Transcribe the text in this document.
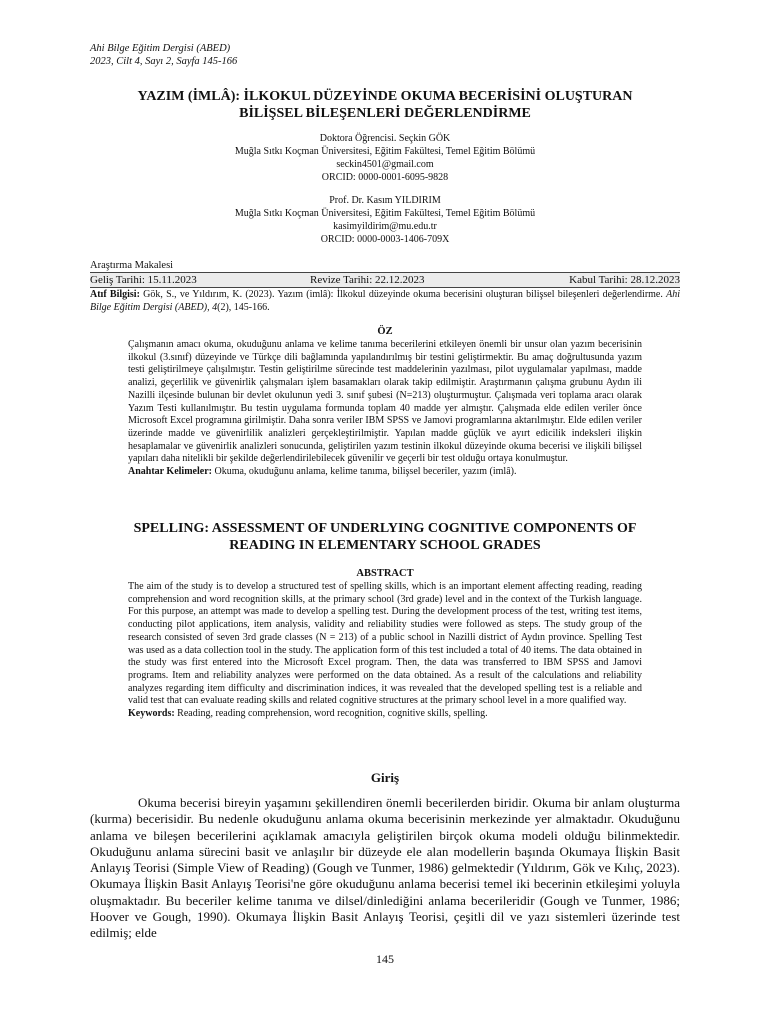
Ahi Bilge Eğitim Dergisi (ABED)
2023, Cilt 4, Sayı 2, Sayfa 145-166
YAZIM (İMLÂ): İLKOKUL DÜZEYİNDE OKUMA BECERİSİNİ OLUŞTURAN
BİLİŞSEL BİLEŞENLERİ DEĞERLENDİRME
Doktora Öğrencisi. Seçkin GÖK
Muğla Sıtkı Koçman Üniversitesi, Eğitim Fakültesi, Temel Eğitim Bölümü
seckin4501@gmail.com
ORCID: 0000-0001-6095-9828
Prof. Dr. Kasım YILDIRIM
Muğla Sıtkı Koçman Üniversitesi, Eğitim Fakültesi, Temel Eğitim Bölümü
kasimyildirim@mu.edu.tr
ORCID: 0000-0003-1406-709X
Araştırma Makalesi
Geliş Tarihi: 15.11.2023	Revize Tarihi: 22.12.2023	Kabul Tarihi: 28.12.2023
Atıf Bilgisi: Gök, S., ve Yıldırım, K. (2023). Yazım (imlâ): İlkokul düzeyinde okuma becerisini oluşturan bilişsel bileşenleri değerlendirme. Ahi Bilge Eğitim Dergisi (ABED), 4(2), 145-166.
ÖZ

Çalışmanın amacı okuma, okuduğunu anlama ve kelime tanıma becerilerini etkileyen önemli bir unsur olan yazım becerisinin ilkokul (3.sınıf) düzeyinde ve Türkçe dili bağlamında yapılandırılmış bir testini geliştirmektir. Bu amaç doğrultusunda yazım testi geliştirilmeye çalışılmıştır. Testin geliştirilme sürecinde test maddelerinin yazılması, pilot uygulamalar yapılması, madde analizi, geçerlilik ve güvenirlik çalışmaları işlem basamakları olarak takip edilmiştir. Araştırmanın çalışma grubunu Aydın ili Nazilli ilçesinde bulunan bir devlet okulunun yedi 3. sınıf şubesi (N=213) oluşturmuştur. Çalışmada veri toplama aracı olarak Yazım Testi kullanılmıştır. Bu testin uygulama formunda toplam 40 madde yer almıştır. Çalışmada elde edilen veriler önce Microsoft Excel programına girilmiştir. Daha sonra veriler IBM SPSS ve Jamovi programlarına aktarılmıştır. Elde edilen veriler üzerinde madde ve güvenirlilik analizleri gerçekleştirilmiştir. Yapılan madde güçlük ve ayırt edicilik indeksleri ilişkin hesaplamalar ve güvenirlik analizleri sonucunda, geliştirilen yazım testinin ilkokul düzeyinde okuma becerisi ve ilişkili bilişsel yapıları daha nitelikli bir şekilde değerlendirilebilecek güvenilir ve geçerli bir test olduğu ortaya konulmuştur.

Anahtar Kelimeler: Okuma, okuduğunu anlama, kelime tanıma, bilişsel beceriler, yazım (imlâ).

SPELLING: ASSESSMENT OF UNDERLYING COGNITIVE COMPONENTS OF
READING IN ELEMENTARY SCHOOL GRADES
ABSTRACT

The aim of the study is to develop a structured test of spelling skills, which is an important element affecting reading, reading comprehension and word recognition skills, at the primary school (3rd grade) level and in the context of the Turkish language. For this purpose, an attempt was made to develop a spelling test. During the development process of the test, writing test items, conducting pilot applications, item analysis, validity and reliability studies were followed as steps. The study group of the research consisted of seven 3rd grade classes (N = 213) of a public school in Nazilli district of Aydın province. Spelling Test was used as a data collection tool in the study. The application form of this test included a total of 40 items. The data obtained in the study was first entered into the Microsoft Excel program. Then, the data was transferred to IBM SPSS and Jamovi programs. Item and reliability analyzes were performed on the data obtained. As a result of the calculations and reliability analyzes regarding item difficulty and discrimination indices, it was revealed that the developed spelling test is a reliable and valid test that can evaluate reading skills and related cognitive structures at the primary school level in a more qualified way.

Keywords: Reading, reading comprehension, word recognition, cognitive skills, spelling.

Giriş

Okuma becerisi bireyin yaşamını şekillendiren önemli becerilerden biridir. Okuma bir anlam oluşturma (kurma) becerisidir. Bu nedenle okuduğunu anlama okuma becerisinin merkezinde yer almaktadır. Okuduğunu anlama ve bileşen becerilerini açıklamak amacıyla geliştirilen birçok okuma modeli olduğu bilinmektedir. Okuduğunu anlama sürecini basit ve anlaşılır bir düzeyde ele alan modellerin başında Okumaya İlişkin Basit Anlayış Teorisi (Simple View of Reading) (Gough ve Tunmer, 1986) gelmektedir (Yıldırım, Gök ve Kılıç, 2023). Okumaya İlişkin Basit Anlayış Teorisi'ne göre okuduğunu anlama becerisi temel iki becerinin etkileşimi yoluyla oluşmaktadır. Bu beceriler kelime tanıma ve dilsel/dinlediğini anlama becerileridir (Gough ve Tunmer, 1986; Hoover ve Gough, 1990). Okumaya İlişkin Basit Anlayış Teorisi, çeşitli dil ve yazı sistemleri üzerinde test edilmiş; elde

145
